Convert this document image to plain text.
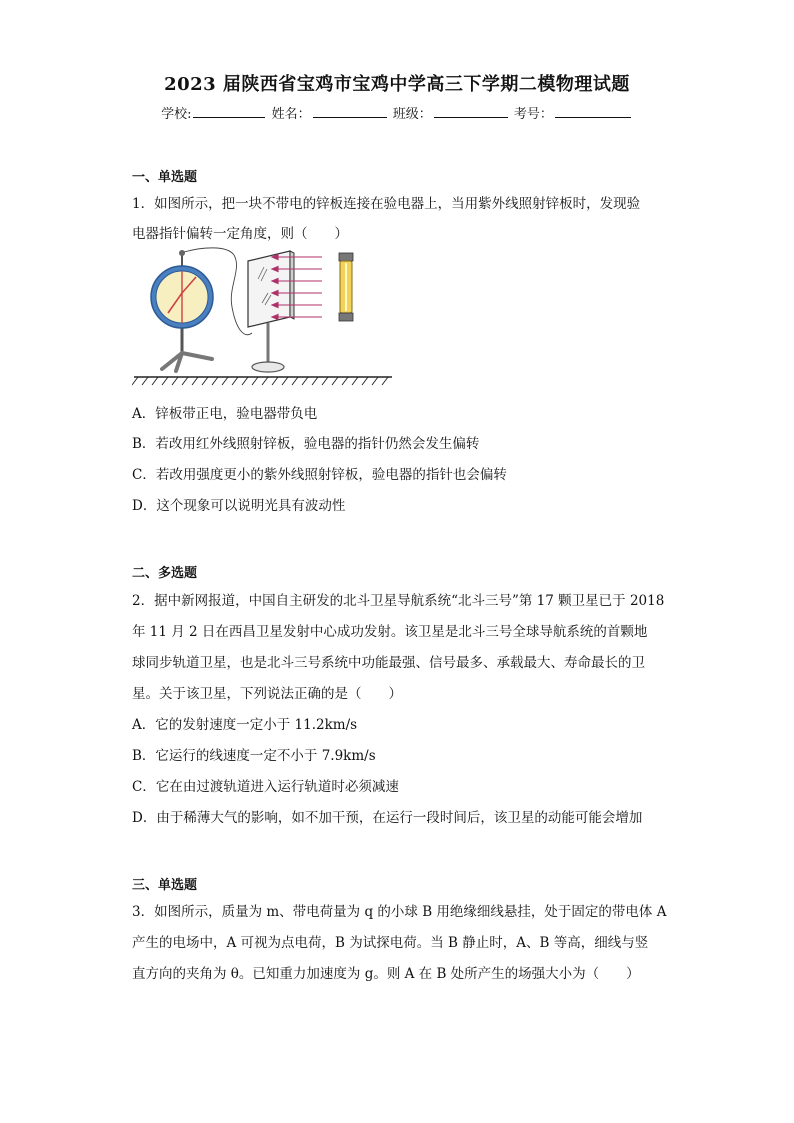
2023 届陕西省宝鸡市宝鸡中学高三下学期二模物理试题
学校:	姓名：	班级：	考号：
一、单选题
1．如图所示，把一块不带电的锌板连接在验电器上，当用紫外线照射锌板时，发现验
电器指针偏转一定角度，则（　　）
A．锌板带正电，验电器带负电
B．若改用红外线照射锌板，验电器的指针仍然会发生偏转
C．若改用强度更小的紫外线照射锌板，验电器的指针也会偏转
D．这个现象可以说明光具有波动性
二、多选题
2．据中新网报道，中国自主研发的北斗卫星导航系统“北斗三号”第 17 颗卫星已于 2018
年 11 月 2 日在西昌卫星发射中心成功发射。该卫星是北斗三号全球导航系统的首颗地
球同步轨道卫星，也是北斗三号系统中功能最强、信号最多、承载最大、寿命最长的卫
星。关于该卫星，下列说法正确的是（　　）
A．它的发射速度一定小于 11.2km/s
B．它运行的线速度一定不小于 7.9km/s
C．它在由过渡轨道进入运行轨道时必须减速
D．由于稀薄大气的影响，如不加干预，在运行一段时间后，该卫星的动能可能会增加
三、单选题
3．如图所示，质量为 m、带电荷量为 q 的小球 B 用绝缘细线悬挂，处于固定的带电体 A
产生的电场中，A 可视为点电荷，B 为试探电荷。当 B 静止时，A、B 等高，细线与竖
直方向的夹角为 θ。已知重力加速度为 g。则 A 在 B 处所产生的场强大小为（　　）
